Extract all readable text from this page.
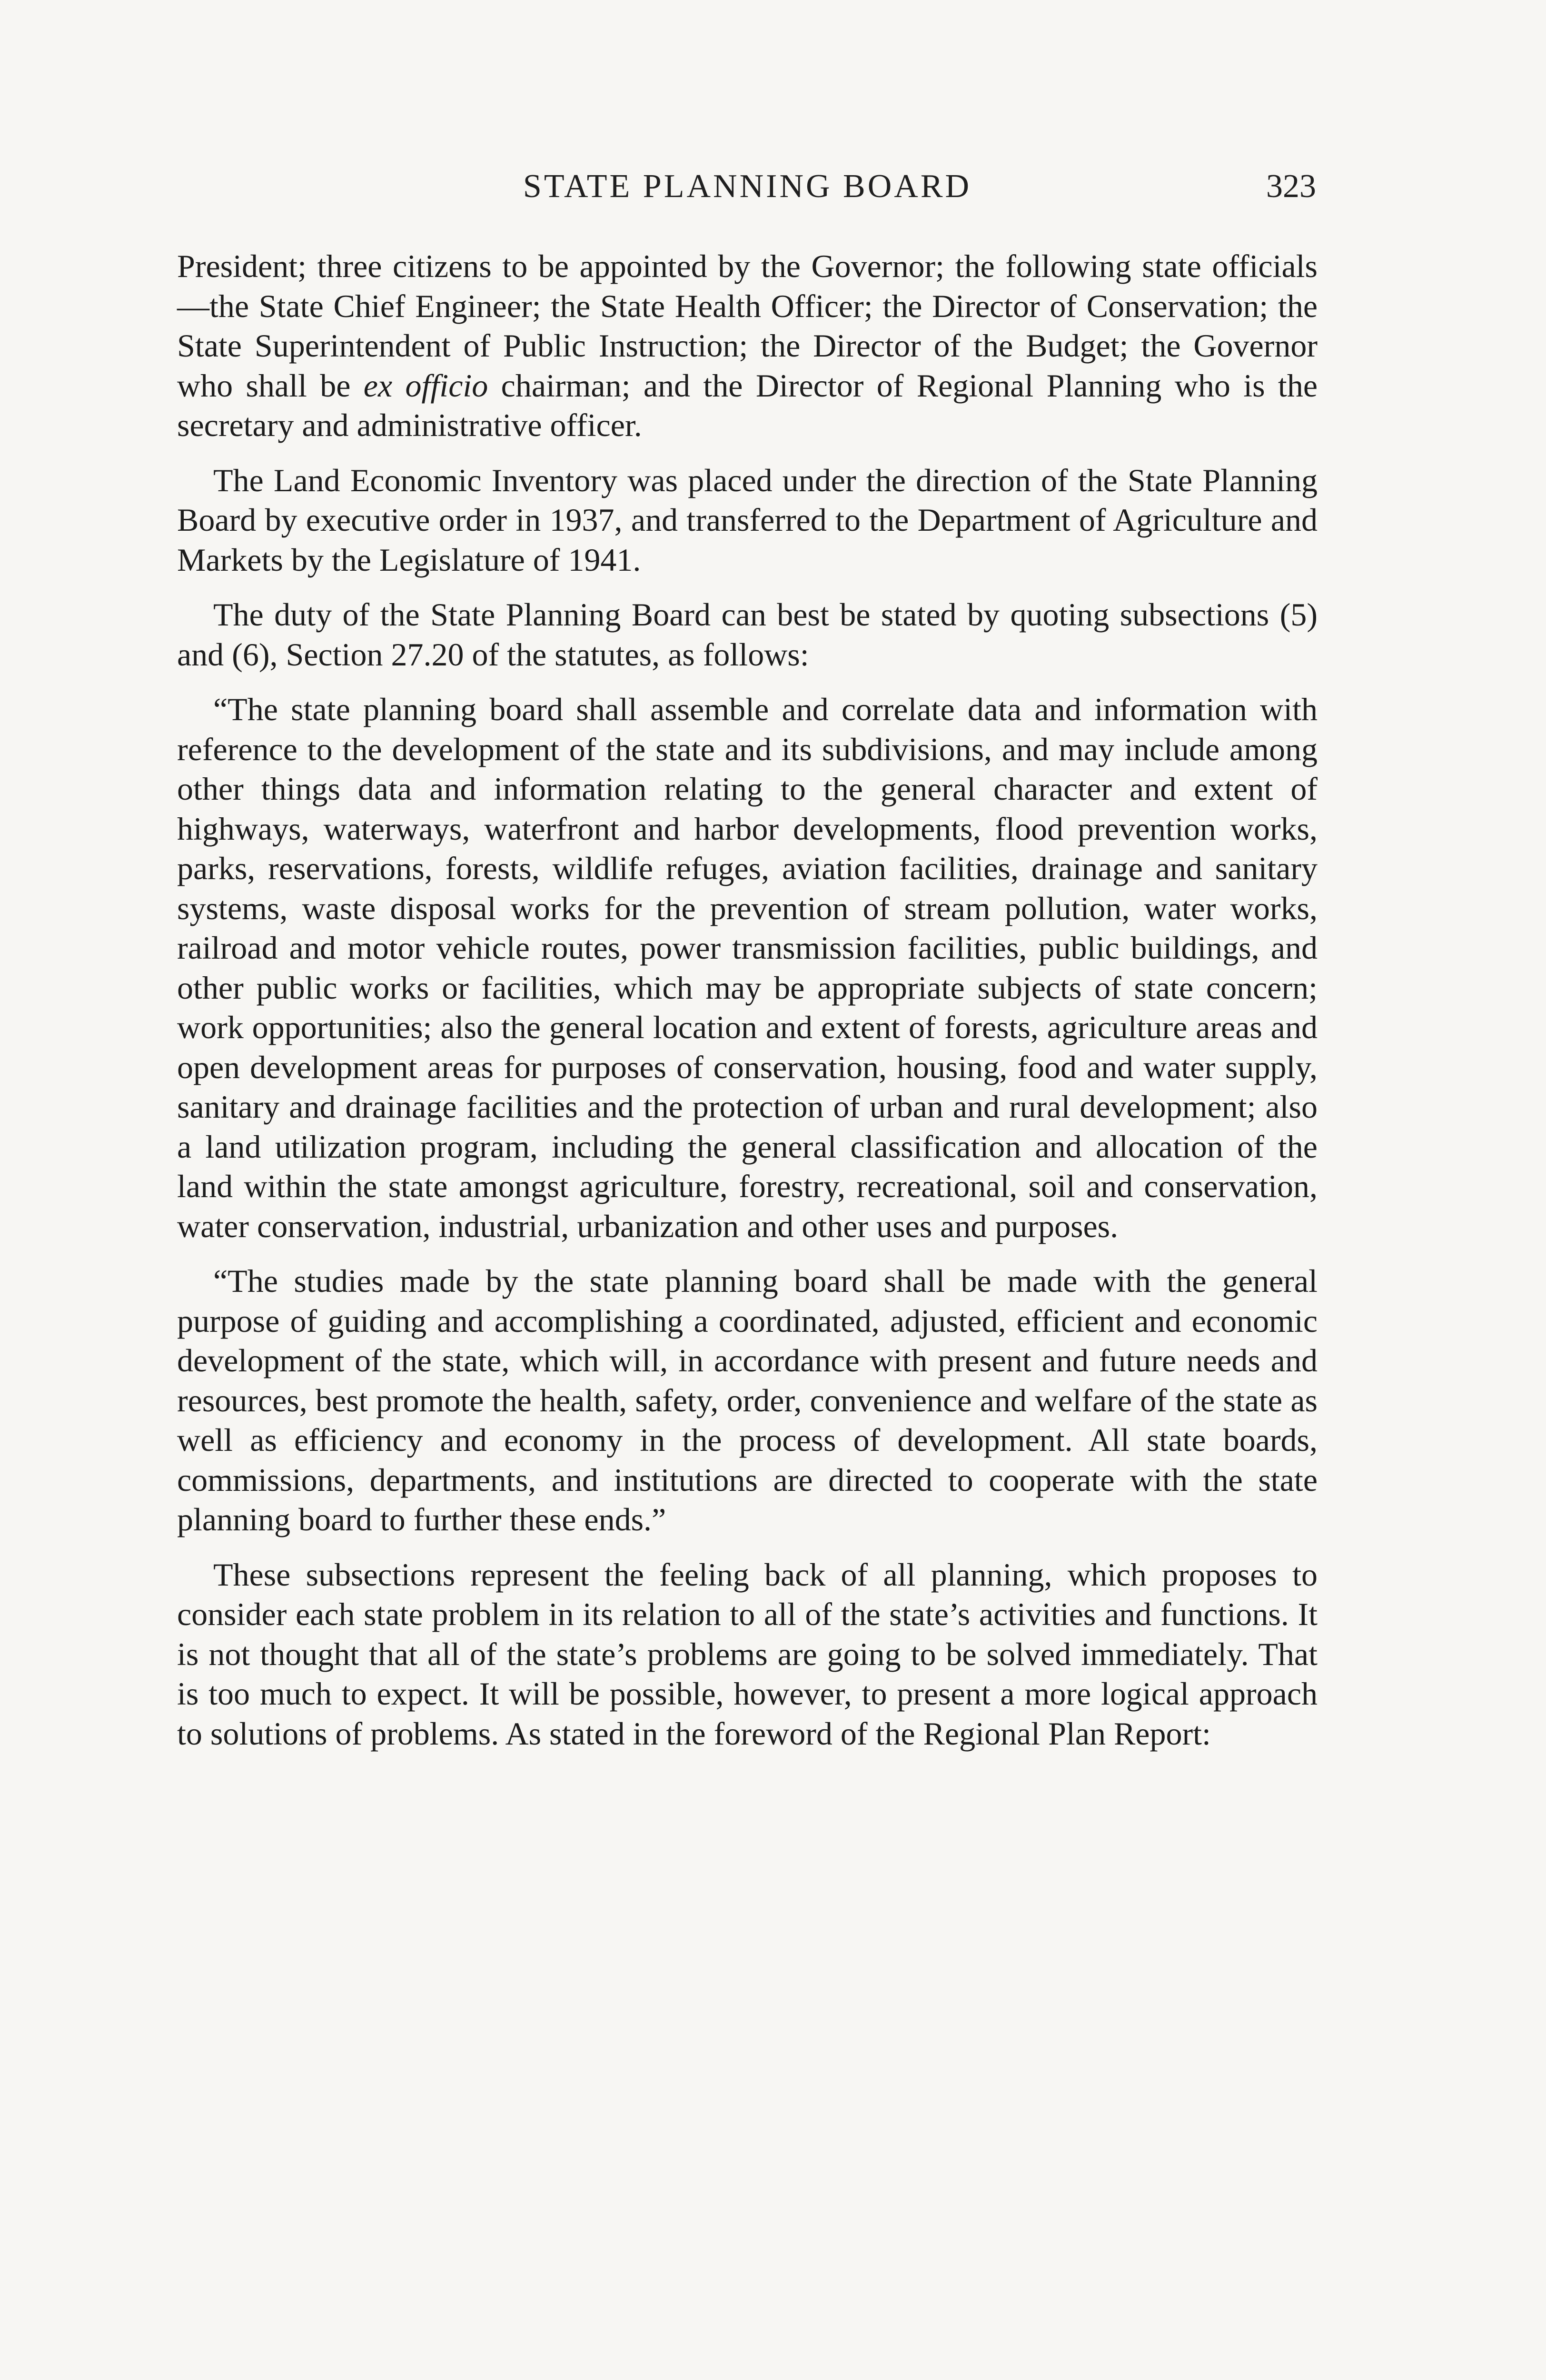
STATE PLANNING BOARD	323

President; three citizens to be appointed by the Governor; the following state officials—the State Chief Engineer; the State Health Officer; the Director of Conservation; the State Superintendent of Public Instruction; the Director of the Budget; the Governor who shall be ex officio chairman; and the Director of Regional Planning who is the secretary and administrative officer.

The Land Economic Inventory was placed under the direction of the State Planning Board by executive order in 1937, and transferred to the Department of Agriculture and Markets by the Legislature of 1941.

The duty of the State Planning Board can best be stated by quoting subsections (5) and (6), Section 27.20 of the statutes, as follows:

“The state planning board shall assemble and correlate data and information with reference to the development of the state and its subdivisions, and may include among other things data and information relating to the general character and extent of highways, waterways, waterfront and harbor developments, flood prevention works, parks, reservations, forests, wildlife refuges, aviation facilities, drainage and sanitary systems, waste disposal works for the prevention of stream pollution, water works, railroad and motor vehicle routes, power transmission facilities, public buildings, and other public works or facilities, which may be appropriate subjects of state concern; work opportunities; also the general location and extent of forests, agriculture areas and open development areas for purposes of conservation, housing, food and water supply, sanitary and drainage facilities and the protection of urban and rural development; also a land utilization program, including the general classification and allocation of the land within the state amongst agriculture, forestry, recreational, soil and conservation, water conservation, industrial, urbanization and other uses and purposes.

“The studies made by the state planning board shall be made with the general purpose of guiding and accomplishing a coordinated, adjusted, efficient and economic development of the state, which will, in accordance with present and future needs and resources, best promote the health, safety, order, convenience and welfare of the state as well as efficiency and economy in the process of development. All state boards, commissions, departments, and institutions are directed to cooperate with the state planning board to further these ends.”

These subsections represent the feeling back of all planning, which proposes to consider each state problem in its relation to all of the state’s activities and functions. It is not thought that all of the state’s problems are going to be solved immediately. That is too much to expect. It will be possible, however, to present a more logical approach to solutions of problems. As stated in the foreword of the Regional Plan Report:
